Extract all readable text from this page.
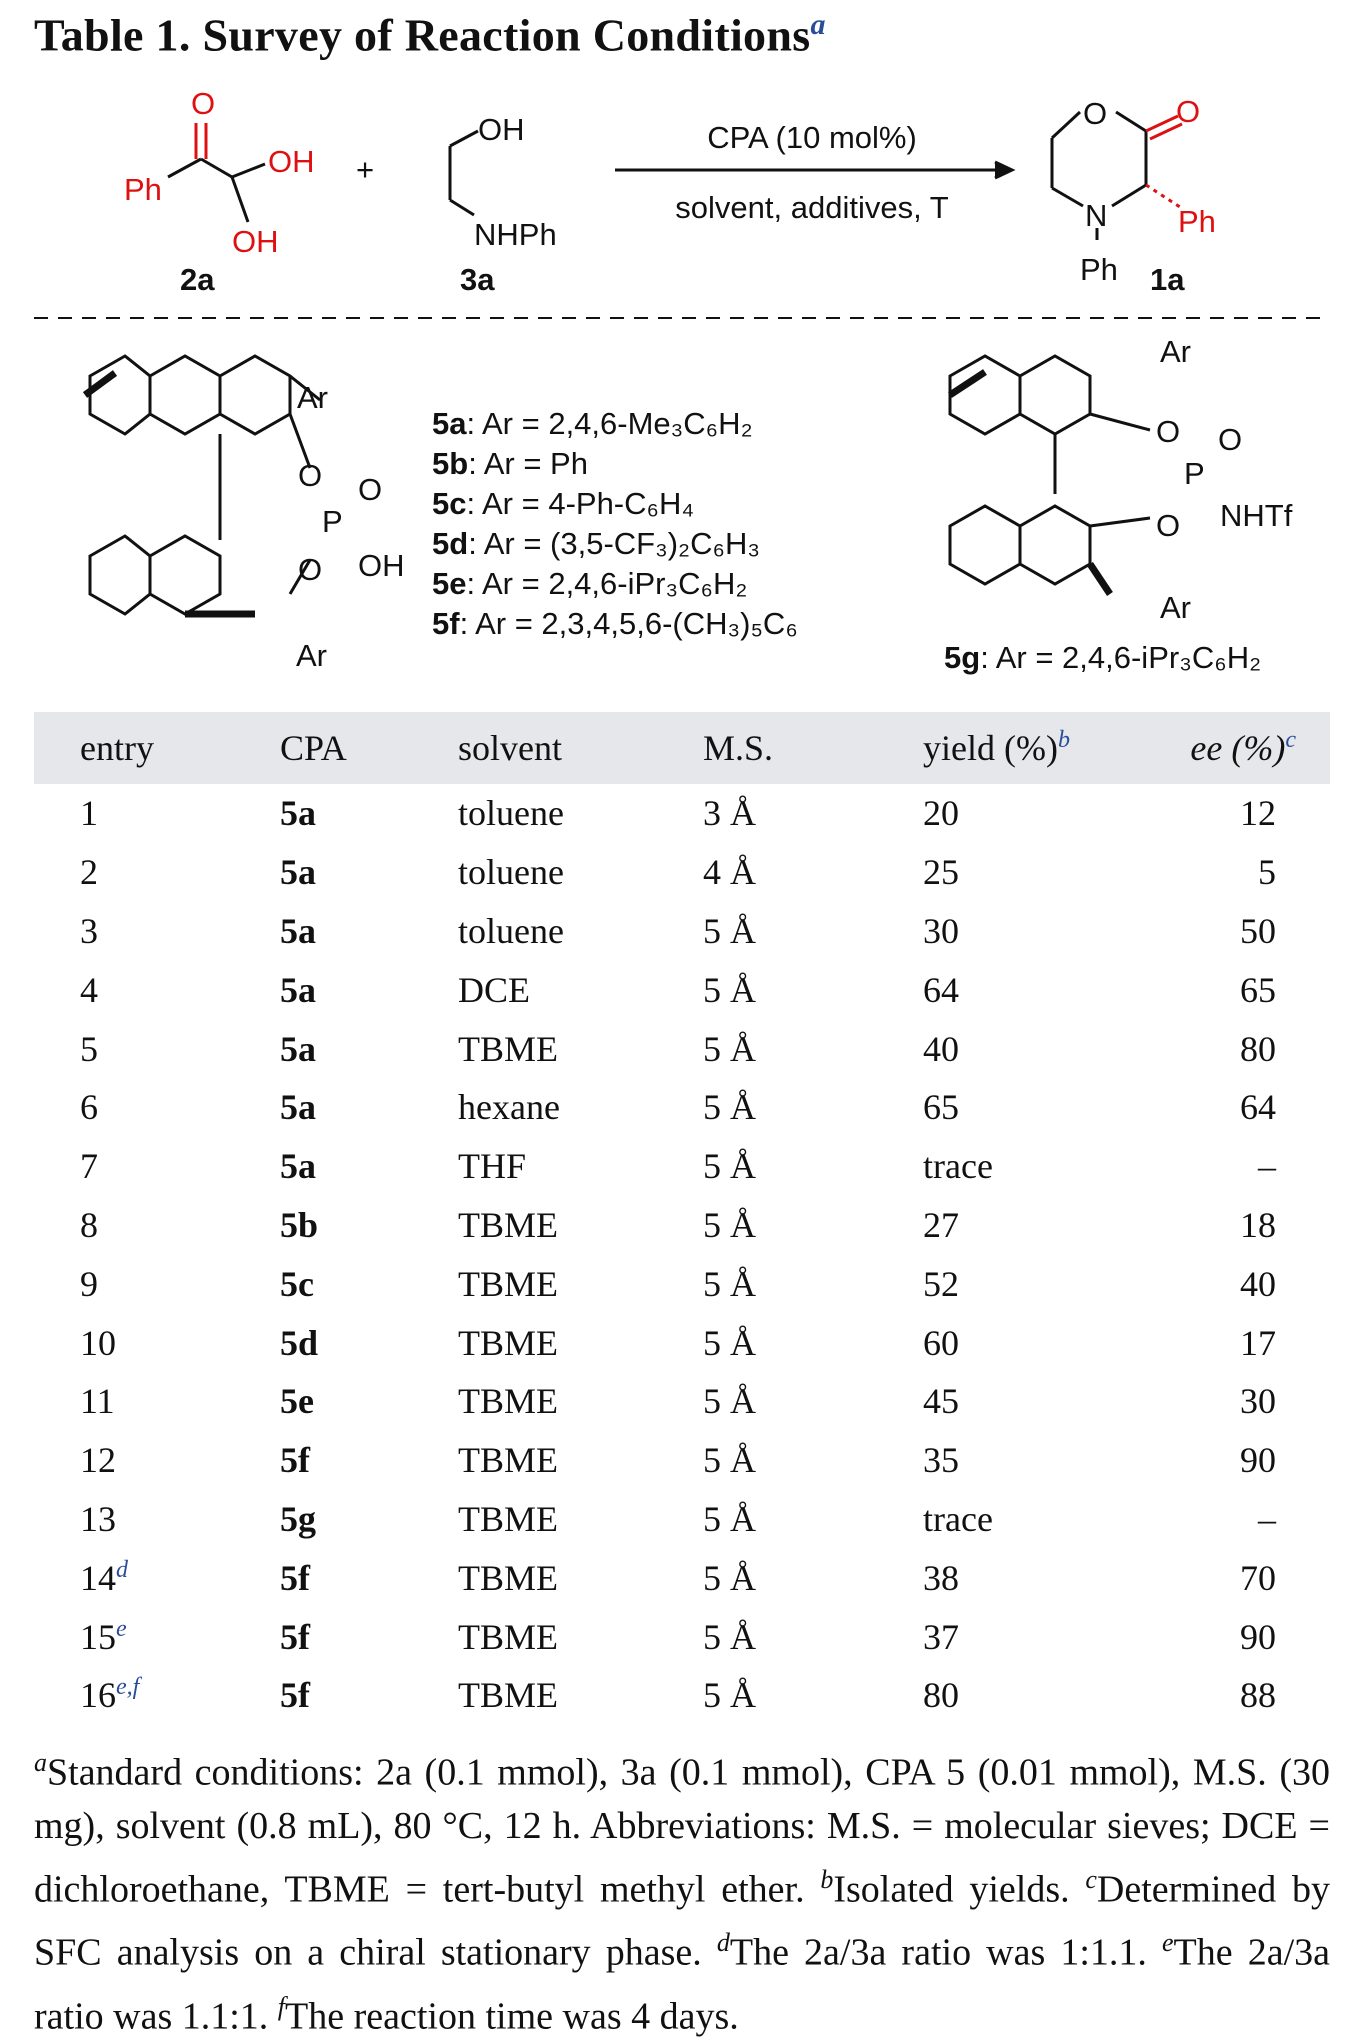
Table 1. Survey of Reaction Conditions$^a$
Ph
O
OH
OH
2a
+
OH
NHPh
3a
CPA (10 mol%)
solvent, additives, T
O O
N
Ph
Ph
1a
Ar
O O
P
OH
O
Ar
Ar
O O
P
NHTf
O
Ar
5a: Ar = 2,4,6-Me₃C₆H₂
5b: Ar = Ph
5c: Ar = 4-Ph-C₆H₄
5d: Ar = (3,5-CF₃)₂C₆H₃
5e: Ar = 2,4,6-iPr₃C₆H₂
5f: Ar = 2,3,4,5,6-(CH₃)₅C₆
5g: Ar = 2,4,6-iPr₃C₆H₂
entry	CPA	solvent	M.S.	yield (%)$^b$	ee (%)$^c$
1	5a	toluene	3 Å	20	12
2	5a	toluene	4 Å	25	5
3	5a	toluene	5 Å	30	50
4	5a	DCE	5 Å	64	65
5	5a	TBME	5 Å	40	80
6	5a	hexane	5 Å	65	64
7	5a	THF	5 Å	trace	–
8	5b	TBME	5 Å	27	18
9	5c	TBME	5 Å	52	40
10	5d	TBME	5 Å	60	17
11	5e	TBME	5 Å	45	30
12	5f	TBME	5 Å	35	90
13	5g	TBME	5 Å	trace	–
14$^d$	5f	TBME	5 Å	38	70
15e	5f	TBME	5 Å	37	90
16$^{e,f}$	5f	TBME	5 Å	80	88
$^a$Standard conditions: 2a (0.1 mmol), 3a (0.1 mmol), CPA 5 (0.01 mmol), M.S. (30 mg), solvent (0.8 mL), 80 °C, 12 h. Abbreviations: M.S. = molecular sieves; DCE = dichloroethane, TBME = tert-butyl methyl ether. $^b$Isolated yields. $^c$Determined by SFC analysis on a chiral stationary phase. $^d$The 2a/3a ratio was 1:1.1. $^e$The 2a/3a ratio was 1.1:1. $^f$The reaction time was 4 days.
